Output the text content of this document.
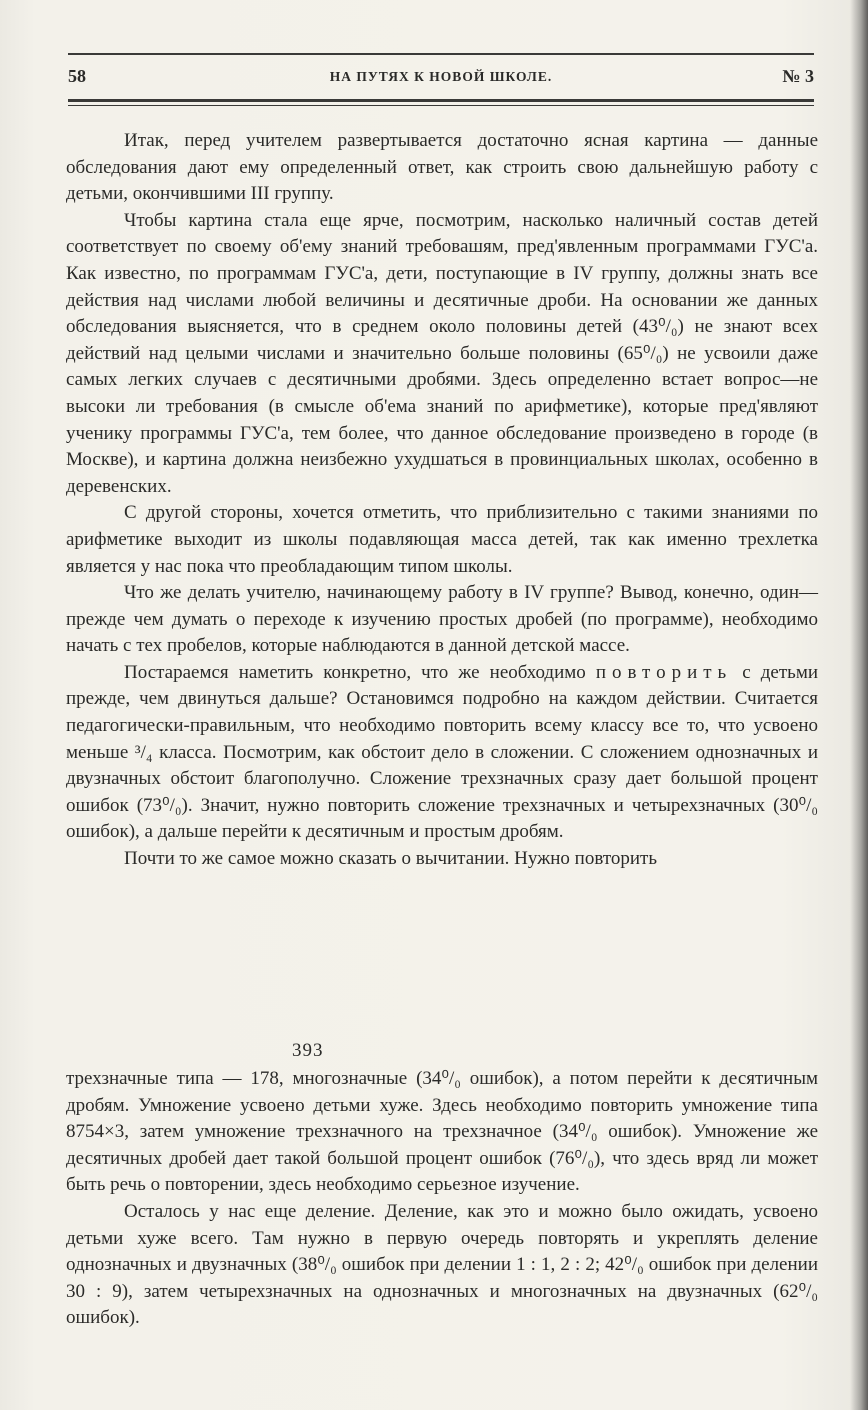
58	НА ПУТЯХ К НОВОЙ ШКОЛЕ.	№ 3

Итак, перед учителем развертывается достаточно ясная картина — данные обследования дают ему определенный ответ, как строить свою дальнейшую работу с детьми, окончившими III группу.

Чтобы картина стала еще ярче, посмотрим, насколько наличный состав детей соответствует по своему об'ему знаний требовашям, пред'явленным программами ГУС'а. Как известно, по программам ГУС'а, дети, поступающие в IV группу, должны знать все действия над числами любой величины и десятичные дроби. На основании же данных обследования выясняется, что в среднем около половины детей (43⁰/₀) не знают всех действий над целыми числами и значительно больше половины (65⁰/₀) не усвоили даже самых легких случаев с десятичными дробями. Здесь определенно встает вопрос—не высоки ли требования (в смысле об'ема знаний по арифметике), которые пред'являют ученику программы ГУС'а, тем более, что данное обследование произведено в городе (в Москве), и картина должна неизбежно ухудшаться в провинциальных школах, особенно в деревенских.

С другой стороны, хочется отметить, что приблизительно с такими знаниями по арифметике выходит из школы подавляющая масса детей, так как именно трехлетка является у нас пока что преобладающим типом школы.

Что же делать учителю, начинающему работу в IV группе? Вывод, конечно, один—прежде чем думать о переходе к изучению простых дробей (по программе), необходимо начать с тех пробелов, которые наблюдаются в данной детской массе.

Постараемся наметить конкретно, что же необходимо повторить с детьми прежде, чем двинуться дальше? Остановимся подробно на каждом действии. Считается педагогически-правильным, что необходимо повторить всему классу все то, что усвоено меньше ³/₄ класса. Посмотрим, как обстоит дело в сложении. С сложением однозначных и двузначных обстоит благополучно. Сложение трехзначных сразу дает большой процент ошибок (73⁰/₀). Значит, нужно повторить сложение трехзначных и четырехзначных (30⁰/₀ ошибок), а дальше перейти к десятичным и простым дробям.

Почти то же самое можно сказать о вычитании. Нужно повторить

393

трехзначные типа — 178, многозначные (34⁰/₀ ошибок), а потом перейти к десятичным дробям. Умножение усвоено детьми хуже. Здесь необходимо повторить умножение типа 8754×3, затем умножение трехзначного на трехзначное (34⁰/₀ ошибок). Умножение же десятичных дробей дает такой большой процент ошибок (76⁰/₀), что здесь вряд ли может быть речь о повторении, здесь необходимо серьезное изучение.

Осталось у нас еще деление. Деление, как это и можно было ожидать, усвоено детьми хуже всего. Там нужно в первую очередь повторять и укреплять деление однозначных и двузначных (38⁰/₀ ошибок при делении 1 : 1, 2 : 2; 42⁰/₀ ошибок при делении 30 : 9), затем четырехзначных на однозначных и многозначных на двузначных (62⁰/₀ ошибок).
